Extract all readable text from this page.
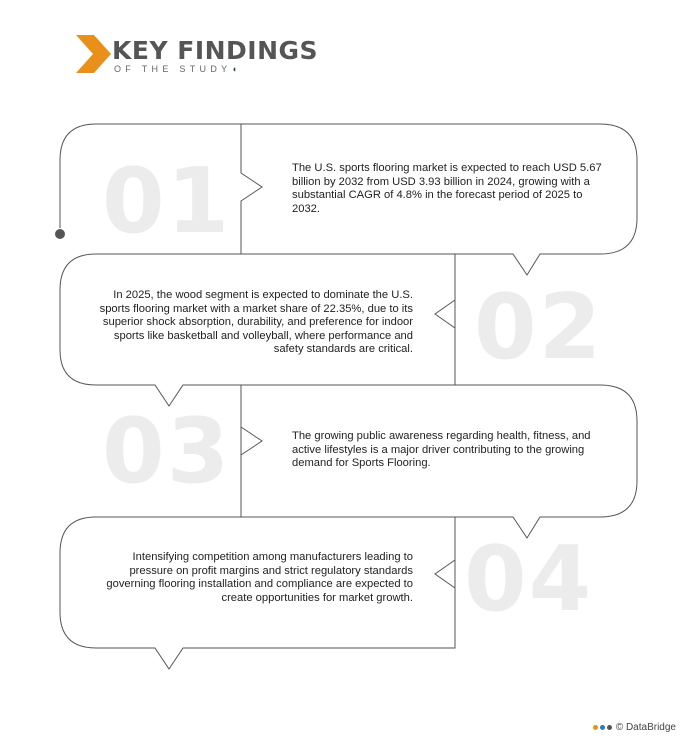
KEY FINDINGS
OF THE STUDY◖
01
02
03
04
The U.S. sports flooring market is expected to reach USD 5.67 billion by 2032 from USD 3.93 billion in 2024, growing with a substantial CAGR of 4.8% in the forecast period of 2025 to 2032.
In 2025, the wood segment is expected to dominate the U.S. sports flooring market with a market share of 22.35%, due to its superior shock absorption, durability, and preference for indoor sports like basketball and volleyball, where performance and safety standards are critical.
The growing public awareness regarding health, fitness, and active lifestyles is a major driver contributing to the growing demand for Sports Flooring.
Intensifying competition among manufacturers leading to pressure on profit margins and strict regulatory standards governing flooring installation and compliance are expected to create opportunities for market growth.
© DataBridge
